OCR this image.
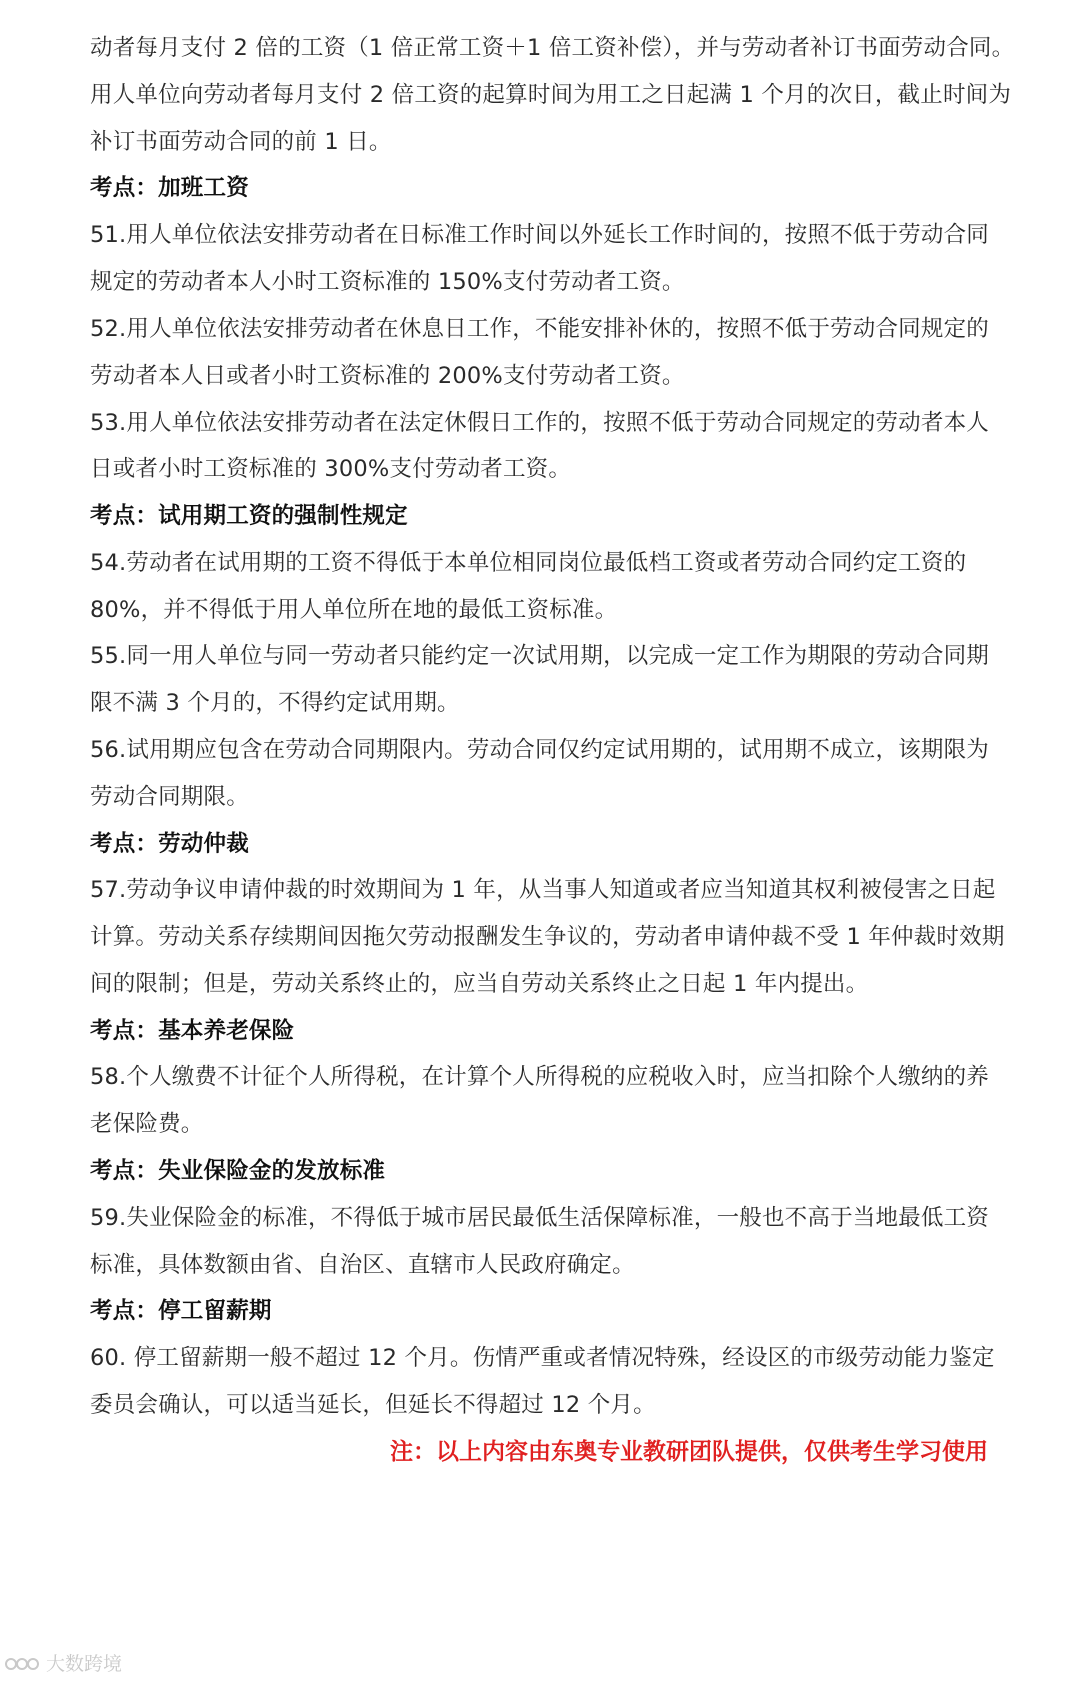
动者每月支付 2 倍的工资（1 倍正常工资＋1 倍工资补偿），并与劳动者补订书面劳动合同。
用人单位向劳动者每月支付 2 倍工资的起算时间为用工之日起满 1 个月的次日，截止时间为
补订书面劳动合同的前 1 日。
考点：加班工资
51.用人单位依法安排劳动者在日标准工作时间以外延长工作时间的，按照不低于劳动合同
规定的劳动者本人小时工资标准的 150%支付劳动者工资。
52.用人单位依法安排劳动者在休息日工作，不能安排补休的，按照不低于劳动合同规定的
劳动者本人日或者小时工资标准的 200%支付劳动者工资。
53.用人单位依法安排劳动者在法定休假日工作的，按照不低于劳动合同规定的劳动者本人
日或者小时工资标准的 300%支付劳动者工资。
考点：试用期工资的强制性规定
54.劳动者在试用期的工资不得低于本单位相同岗位最低档工资或者劳动合同约定工资的
80%，并不得低于用人单位所在地的最低工资标准。
55.同一用人单位与同一劳动者只能约定一次试用期，以完成一定工作为期限的劳动合同期
限不满 3 个月的，不得约定试用期。
56.试用期应包含在劳动合同期限内。劳动合同仅约定试用期的，试用期不成立，该期限为
劳动合同期限。
考点：劳动仲裁
57.劳动争议申请仲裁的时效期间为 1 年，从当事人知道或者应当知道其权利被侵害之日起
计算。劳动关系存续期间因拖欠劳动报酬发生争议的，劳动者申请仲裁不受 1 年仲裁时效期
间的限制；但是，劳动关系终止的，应当自劳动关系终止之日起 1 年内提出。
考点：基本养老保险
58.个人缴费不计征个人所得税，在计算个人所得税的应税收入时，应当扣除个人缴纳的养
老保险费。
考点：失业保险金的发放标准
59.失业保险金的标准，不得低于城市居民最低生活保障标准，一般也不高于当地最低工资
标准，具体数额由省、自治区、直辖市人民政府确定。
考点：停工留薪期
60. 停工留薪期一般不超过 12 个月。伤情严重或者情况特殊，经设区的市级劳动能力鉴定
委员会确认，可以适当延长，但延长不得超过 12 个月。
注：以上内容由东奥专业教研团队提供，仅供考生学习使用
大数跨境
